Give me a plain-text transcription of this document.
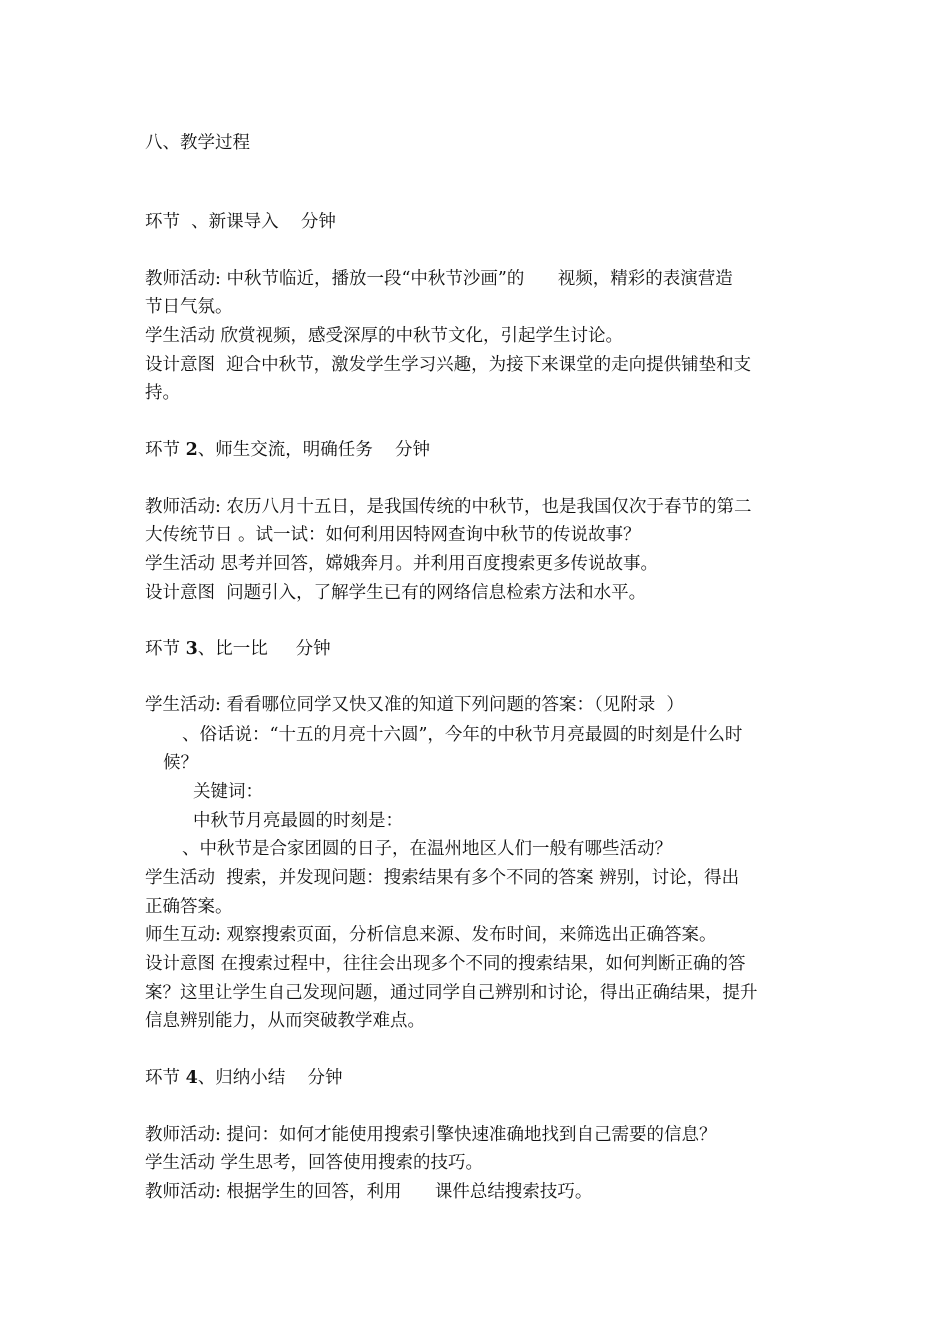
八、教学过程
环节  、新课导入    分钟
教师活动: 中秋节临近，播放一段“中秋节沙画”的      视频，精彩的表演营造
节日气氛。
学生活动 欣赏视频，感受深厚的中秋节文化，引起学生讨论。
设计意图  迎合中秋节，激发学生学习兴趣，为接下来课堂的走向提供铺垫和支
持。
环节 2、师生交流，明确任务    分钟
教师活动: 农历八月十五日，是我国传统的中秋节，也是我国仅次于春节的第二
大传统节日 。试一试：如何利用因特网查询中秋节的传说故事？
学生活动 思考并回答，嫦娥奔月。并利用百度搜索更多传说故事。
设计意图  问题引入，了解学生已有的网络信息检索方法和水平。
环节 3、比一比     分钟
学生活动: 看看哪位同学又快又准的知道下列问题的答案：（见附录  ）
、俗话说：“十五的月亮十六圆”，今年的中秋节月亮最圆的时刻是什么时
候？
关键词：
中秋节月亮最圆的时刻是：
、中秋节是合家团圆的日子，在温州地区人们一般有哪些活动？
学生活动  搜索，并发现问题：搜索结果有多个不同的答案 辨别，讨论，得出
正确答案。
师生互动: 观察搜索页面，分析信息来源、发布时间，来筛选出正确答案。
设计意图 在搜索过程中，往往会出现多个不同的搜索结果，如何判断正确的答
案？这里让学生自己发现问题，通过同学自己辨别和讨论，得出正确结果，提升
信息辨别能力，从而突破教学难点。
环节 4、归纳小结    分钟
教师活动: 提问：如何才能使用搜索引擎快速准确地找到自己需要的信息？
学生活动 学生思考，回答使用搜索的技巧。
教师活动: 根据学生的回答，利用      课件总结搜索技巧。
